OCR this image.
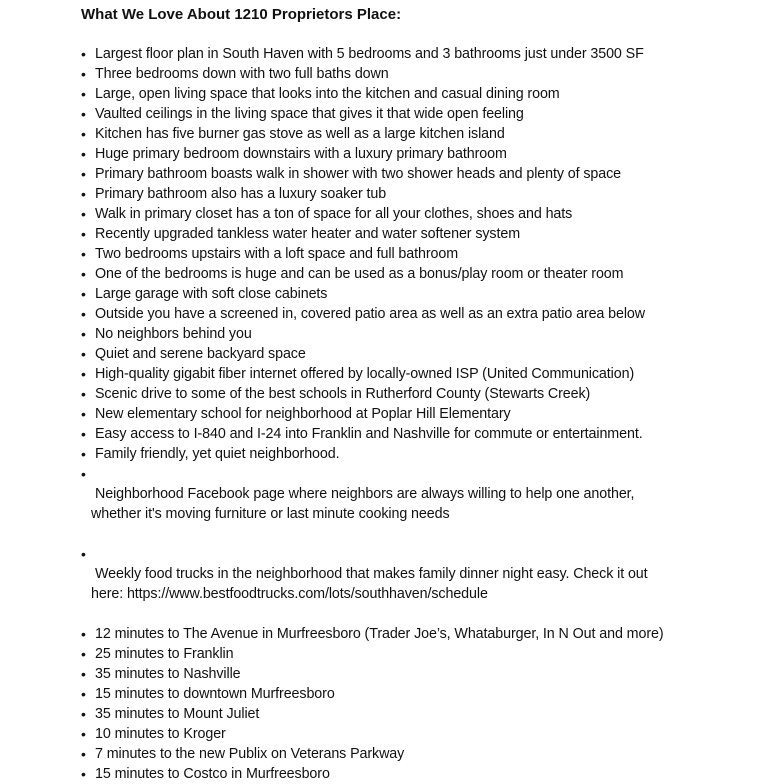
What We Love About 1210 Proprietors Place:
• Largest floor plan in South Haven with 5 bedrooms and 3 bathrooms just under 3500 SF
• Three bedrooms down with two full baths down
• Large, open living space that looks into the kitchen and casual dining room
• Vaulted ceilings in the living space that gives it that wide open feeling
• Kitchen has five burner gas stove as well as a large kitchen island
• Huge primary bedroom downstairs with a luxury primary bathroom
• Primary bathroom boasts walk in shower with two shower heads and plenty of space
• Primary bathroom also has a luxury soaker tub
• Walk in primary closet has a ton of space for all your clothes, shoes and hats
• Recently upgraded tankless water heater and water softener system
• Two bedrooms upstairs with a loft space and full bathroom
• One of the bedrooms is huge and can be used as a bonus/play room or theater room
• Large garage with soft close cabinets
• Outside you have a screened in, covered patio area as well as an extra patio area below
• No neighbors behind you
• Quiet and serene backyard space
• High-quality gigabit fiber internet offered by locally-owned ISP (United Communication)
• Scenic drive to some of the best schools in Rutherford County (Stewarts Creek)
• New elementary school for neighborhood at Poplar Hill Elementary
• Easy access to I-840 and I-24 into Franklin and Nashville for commute or entertainment.
• Family friendly, yet quiet neighborhood.

• Neighborhood Facebook page where neighbors are always willing to help one another,

whether it's moving furniture or last minute cooking needs

• Weekly food trucks in the neighborhood that makes family dinner night easy. Check it out

here: https://www.bestfoodtrucks.com/lots/southhaven/schedule

• 12 minutes to The Avenue in Murfreesboro (Trader Joe’s, Whataburger, In N Out and more)
• 25 minutes to Franklin
• 35 minutes to Nashville
• 15 minutes to downtown Murfreesboro
• 35 minutes to Mount Juliet
• 10 minutes to Kroger
• 7 minutes to the new Publix on Veterans Parkway
• 15 minutes to Costco in Murfreesboro
